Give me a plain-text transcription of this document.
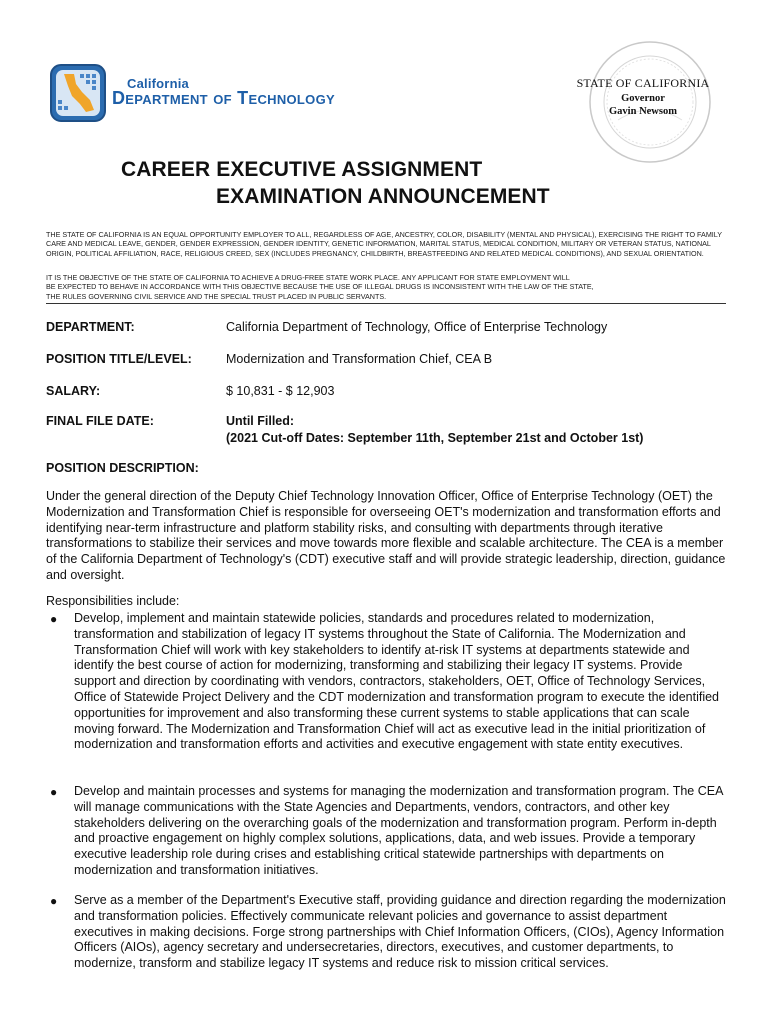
California
Department of Technology
STATE OF CALIFORNIA
Governor
Gavin Newsom
CAREER EXECUTIVE ASSIGNMENT
EXAMINATION ANNOUNCEMENT
THE STATE OF CALIFORNIA IS AN EQUAL OPPORTUNITY EMPLOYER TO ALL, REGARDLESS OF AGE, ANCESTRY, COLOR, DISABILITY (MENTAL AND PHYSICAL), EXERCISING THE RIGHT TO FAMILY CARE AND MEDICAL LEAVE, GENDER, GENDER EXPRESSION, GENDER IDENTITY, GENETIC INFORMATION, MARITAL STATUS, MEDICAL CONDITION, MILITARY OR VETERAN STATUS, NATIONAL ORIGIN, POLITICAL AFFILIATION, RACE, RELIGIOUS CREED, SEX (INCLUDES PREGNANCY, CHILDBIRTH, BREASTFEEDING AND RELATED MEDICAL CONDITIONS), AND SEXUAL ORIENTATION.
IT IS THE OBJECTIVE OF THE STATE OF CALIFORNIA TO ACHIEVE A DRUG-FREE STATE WORK PLACE. ANY APPLICANT FOR STATE EMPLOYMENT WILL
BE EXPECTED TO BEHAVE IN ACCORDANCE WITH THIS OBJECTIVE BECAUSE THE USE OF ILLEGAL DRUGS IS INCONSISTENT WITH THE LAW OF THE STATE,
THE RULES GOVERNING CIVIL SERVICE AND THE SPECIAL TRUST PLACED IN PUBLIC SERVANTS.
DEPARTMENT:	California Department of Technology, Office of Enterprise Technology
POSITION TITLE/LEVEL:	Modernization and Transformation Chief, CEA B
SALARY:	$ 10,831 - $ 12,903
FINAL FILE DATE:	Until Filled:
(2021 Cut-off Dates: September 11th, September 21st and October 1st)
POSITION DESCRIPTION:
Under the general direction of the Deputy Chief Technology Innovation Officer, Office of Enterprise Technology (OET) the Modernization and Transformation Chief is responsible for overseeing OET's modernization and transformation efforts and identifying near-term infrastructure and platform stability risks, and consulting with departments through iterative transformations to stabilize their services and move towards more flexible and scalable architecture. The CEA is a member of the California Department of Technology's (CDT) executive staff and will provide strategic leadership, direction, guidance and oversight.
Responsibilities include:
● Develop, implement and maintain statewide policies, standards and procedures related to modernization, transformation and stabilization of legacy IT systems throughout the State of California. The Modernization and Transformation Chief will work with key stakeholders to identify at-risk IT systems at departments statewide and identify the best course of action for modernizing, transforming and stabilizing their legacy IT systems. Provide support and direction by coordinating with vendors, contractors, stakeholders, OET, Office of Technology Services, Office of Statewide Project Delivery and the CDT modernization and transformation program to execute the identified opportunities for improvement and also transforming these current systems to stable applications that can scale moving forward. The Modernization and Transformation Chief will act as executive lead in the initial prioritization of modernization and transformation efforts and activities and executive engagement with state entity executives.
● Develop and maintain processes and systems for managing the modernization and transformation program. The CEA will manage communications with the State Agencies and Departments, vendors, contractors, and other key stakeholders delivering on the overarching goals of the modernization and transformation program. Perform in-depth and proactive engagement on highly complex solutions, applications, data, and web issues. Provide a temporary executive leadership role during crises and establishing critical statewide partnerships with departments on modernization and transformation initiatives.
● Serve as a member of the Department's Executive staff, providing guidance and direction regarding the modernization and transformation policies. Effectively communicate relevant policies and governance to assist department executives in making decisions. Forge strong partnerships with Chief Information Officers, (CIOs), Agency Information Officers (AIOs), agency secretary and undersecretaries, directors, executives, and customer departments, to modernize, transform and stabilize legacy IT systems and reduce risk to mission critical services.
